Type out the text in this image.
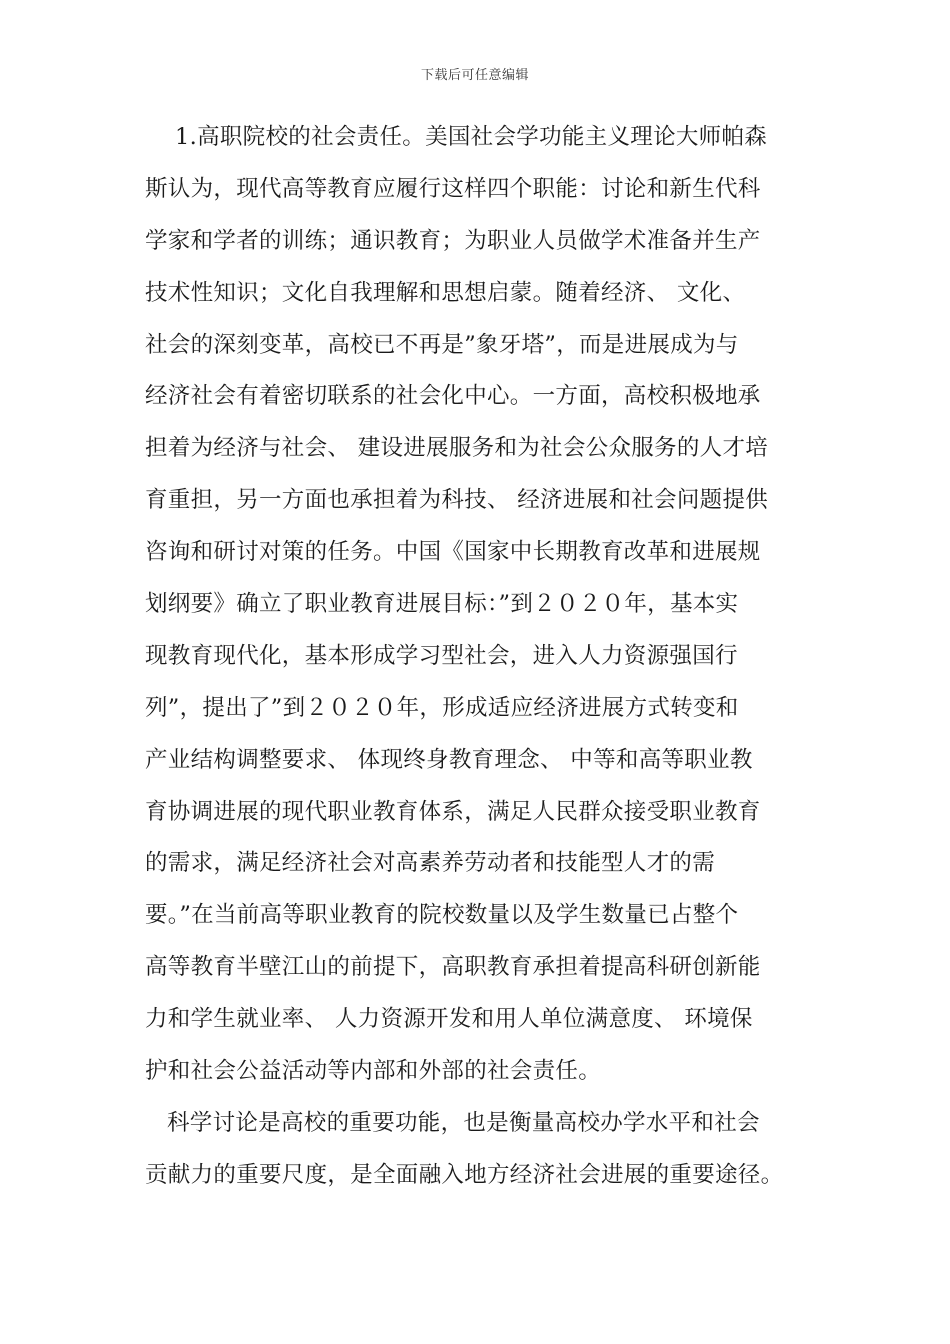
下载后可任意编辑
1.高职院校的社会责任。美国社会学功能主义理论大师帕森
斯认为，现代高等教育应履行这样四个职能：讨论和新生代科
学家和学者的训练；通识教育；为职业人员做学术准备并生产
技术性知识；文化自我理解和思想启蒙。随着经济、 文化、
社会的深刻变革，高校已不再是”象牙塔”，而是进展成为与
经济社会有着密切联系的社会化中心。一方面，高校积极地承
担着为经济与社会、 建设进展服务和为社会公众服务的人才培
育重担，另一方面也承担着为科技、 经济进展和社会问题提供
咨询和研讨对策的任务。中国《国家中长期教育改革和进展规
划纲要》确立了职业教育进展目标：”到２０２０年，基本实
现教育现代化，基本形成学习型社会，进入人力资源强国行
列”，提出了”到２０２０年，形成适应经济进展方式转变和
产业结构调整要求、 体现终身教育理念、 中等和高等职业教
育协调进展的现代职业教育体系，满足人民群众接受职业教育
的需求，满足经济社会对高素养劳动者和技能型人才的需
要。”在当前高等职业教育的院校数量以及学生数量已占整个
高等教育半壁江山的前提下，高职教育承担着提高科研创新能
力和学生就业率、 人力资源开发和用人单位满意度、 环境保
护和社会公益活动等内部和外部的社会责任。
科学讨论是高校的重要功能，也是衡量高校办学水平和社会
贡献力的重要尺度，是全面融入地方经济社会进展的重要途径。
